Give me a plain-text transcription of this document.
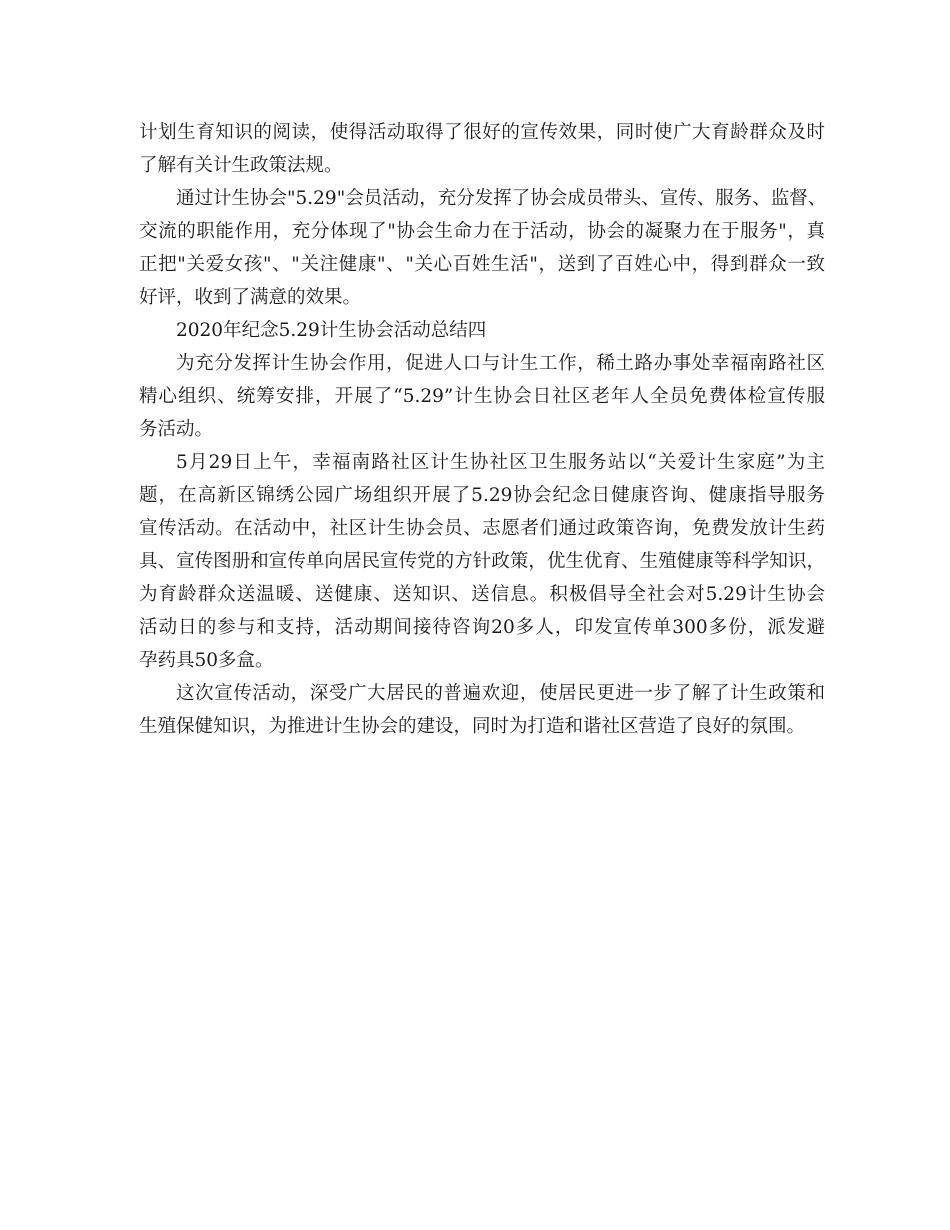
计划生育知识的阅读，使得活动取得了很好的宣传效果，同时使广大育龄群众及时
了解有关计生政策法规。
通过计生协会"5.29"会员活动，充分发挥了协会成员带头、宣传、服务、监督、
交流的职能作用，充分体现了"协会生命力在于活动，协会的凝聚力在于服务"，真
正把"关爱女孩"、"关注健康"、"关心百姓生活"，送到了百姓心中，得到群众一致
好评，收到了满意的效果。
2020年纪念5.29计生协会活动总结四
为充分发挥计生协会作用，促进人口与计生工作，稀土路办事处幸福南路社区
精心组织、统筹安排，开展了“5.29”计生协会日社区老年人全员免费体检宣传服
务活动。
5月29日上午，幸福南路社区计生协社区卫生服务站以“关爱计生家庭”为主
题，在高新区锦绣公园广场组织开展了5.29协会纪念日健康咨询、健康指导服务
宣传活动。在活动中，社区计生协会员、志愿者们通过政策咨询，免费发放计生药
具、宣传图册和宣传单向居民宣传党的方针政策，优生优育、生殖健康等科学知识，
为育龄群众送温暖、送健康、送知识、送信息。积极倡导全社会对5.29计生协会
活动日的参与和支持，活动期间接待咨询20多人，印发宣传单300多份，派发避
孕药具50多盒。
这次宣传活动，深受广大居民的普遍欢迎，使居民更进一步了解了计生政策和
生殖保健知识，为推进计生协会的建设，同时为打造和谐社区营造了良好的氛围。
